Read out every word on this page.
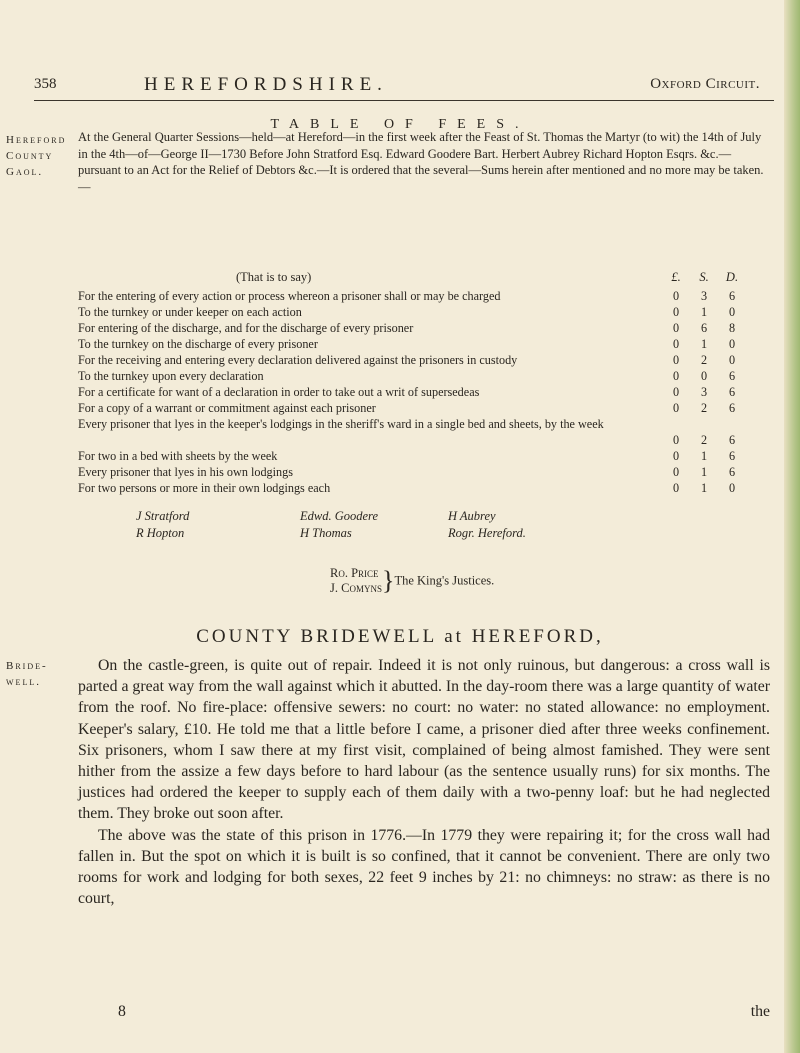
358	HEREFORDSHIRE.	Oxford Circuit.
TABLE OF FEES.
Hereford
County
Gaol.

At the General Quarter Sessions—held—at Hereford—in the first week after the Feast of St. Thomas the Martyr (to wit) the 14th of July in the 4th—of—George II—1730 Before John Stratford Esq. Edward Goodere Bart. Herbert Aubrey Richard Hopton Esqrs. &c.—pursuant to an Act for the Relief of Debtors &c.—It is ordered that the several—Sums herein after mentioned and no more may be taken.—

(That is to say)	£. S. D.
For the entering of every action or process whereon a prisoner shall or may be charged	0 3 6
To the turnkey or under keeper on each action	0 1 0
For entering of the discharge, and for the discharge of every prisoner	0 6 8
To the turnkey on the discharge of every prisoner	0 1 0
For the receiving and entering every declaration delivered against the prisoners in custody	0 2 0
To the turnkey upon every declaration	0 0 6
For a certificate for want of a declaration in order to take out a writ of supersedeas	0 3 6
For a copy of a warrant or commitment against each prisoner	0 2 6
Every prisoner that lyes in the keeper's lodgings in the sheriff's ward in a single bed and sheets, by the week
0 2 6
For two in a bed with sheets by the week	0 1 6
Every prisoner that lyes in his own lodgings	0 1 6
For two persons or more in their own lodgings each	0 1 0
J Stratford	Edwd. Goodere	H Aubrey
R Hopton	H Thomas	Rogr. Hereford.
Ro. Price
J. Comyns }The King's Justices.
COUNTY BRIDEWELL at HEREFORD,
Bride-
well.

On the castle-green, is quite out of repair. Indeed it is not only ruinous, but dangerous: a cross wall is parted a great way from the wall against which it abutted. In the day-room there was a large quantity of water from the roof. No fire-place: offensive sewers: no court: no water: no stated allowance: no employment. Keeper's salary, £10. He told me that a little before I came, a prisoner died after three weeks confinement. Six prisoners, whom I saw there at my first visit, complained of being almost famished. They were sent hither from the assize a few days before to hard labour (as the sentence usually runs) for six months. The justices had ordered the keeper to supply each of them daily with a two-penny loaf: but he had neglected them. They broke out soon after.

The above was the state of this prison in 1776.—In 1779 they were repairing it; for the cross wall had fallen in. But the spot on which it is built is so confined, that it cannot be convenient. There are only two rooms for work and lodging for both sexes, 22 feet 9 inches by 21: no chimneys: no straw: as there is no court,

8	the
